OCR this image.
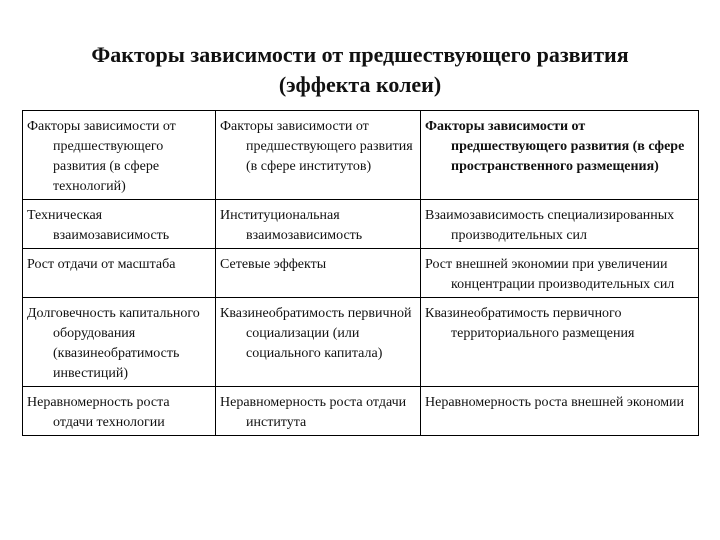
Факторы зависимости от предшествующего развития
(эффекта колеи)
Факторы зависимости от предшествующего развития (в сфере технологий)	Факторы зависимости от предшествующего развития (в сфере институтов)	Факторы зависимости от предшествующего развития (в сфере пространственного размещения)

Техническая взаимозависимость	Институциональная взаимозависимость	Взаимозависимость специализированных производительных сил

Рост отдачи от масштаба	Сетевые эффекты	Рост внешней экономии при увеличении концентрации производительных сил

Долговечность капитального оборудования (квазинеобратимость инвестиций)	Квазинеобратимость первичной социализации (или социального капитала)	Квазинеобратимость первичного территориального размещения

Неравномерность роста отдачи технологии	Неравномерность роста отдачи института	Неравномерность роста внешней экономии
